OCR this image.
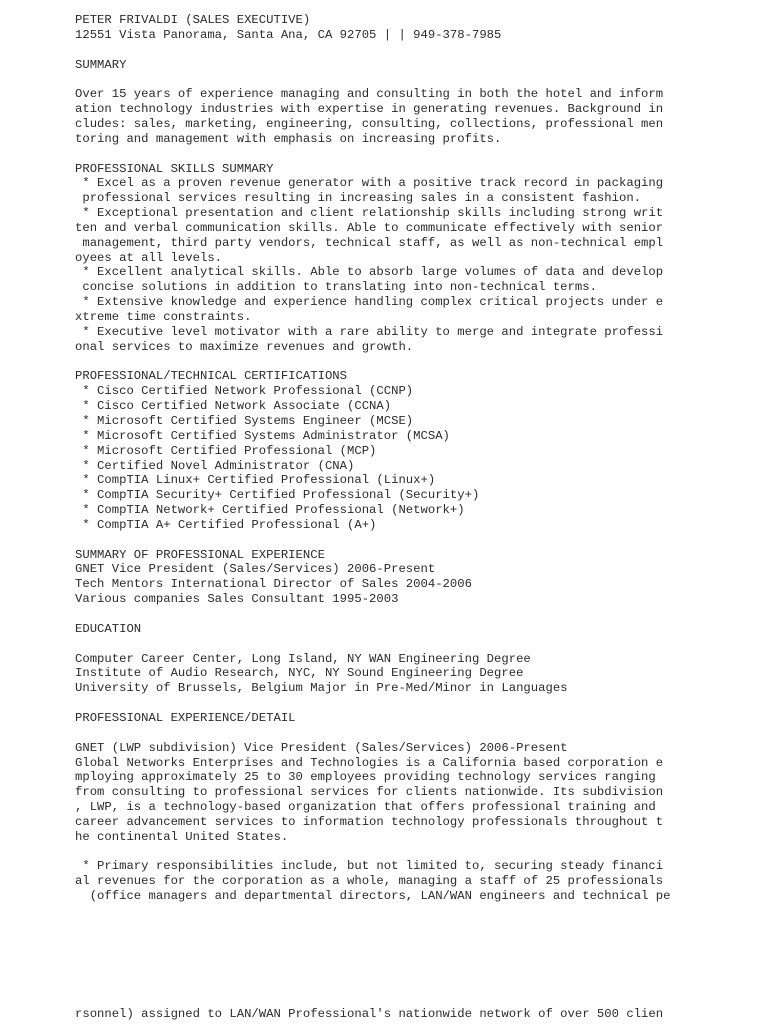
PETER FRIVALDI (SALES EXECUTIVE)
12551 Vista Panorama, Santa Ana, CA 92705 | | 949-378-7985
SUMMARY
Over 15 years of experience managing and consulting in both the hotel and inform
ation technology industries with expertise in generating revenues. Background in
cludes: sales, marketing, engineering, consulting, collections, professional men
toring and management with emphasis on increasing profits.
PROFESSIONAL SKILLS SUMMARY
* Excel as a proven revenue generator with a positive track record in packaging
professional services resulting in increasing sales in a consistent fashion.
* Exceptional presentation and client relationship skills including strong writ
ten and verbal communication skills. Able to communicate effectively with senior
management, third party vendors, technical staff, as well as non-technical empl
oyees at all levels.
* Excellent analytical skills. Able to absorb large volumes of data and develop
concise solutions in addition to translating into non-technical terms.
* Extensive knowledge and experience handling complex critical projects under e
xtreme time constraints.
* Executive level motivator with a rare ability to merge and integrate professi
onal services to maximize revenues and growth.
PROFESSIONAL/TECHNICAL CERTIFICATIONS
* Cisco Certified Network Professional (CCNP)
* Cisco Certified Network Associate (CCNA)
* Microsoft Certified Systems Engineer (MCSE)
* Microsoft Certified Systems Administrator (MCSA)
* Microsoft Certified Professional (MCP)
* Certified Novel Administrator (CNA)
* CompTIA Linux+ Certified Professional (Linux+)
* CompTIA Security+ Certified Professional (Security+)
* CompTIA Network+ Certified Professional (Network+)
* CompTIA A+ Certified Professional (A+)
SUMMARY OF PROFESSIONAL EXPERIENCE
GNET Vice President (Sales/Services) 2006-Present
Tech Mentors International Director of Sales 2004-2006
Various companies Sales Consultant 1995-2003
EDUCATION
Computer Career Center, Long Island, NY WAN Engineering Degree
Institute of Audio Research, NYC, NY Sound Engineering Degree
University of Brussels, Belgium Major in Pre-Med/Minor in Languages
PROFESSIONAL EXPERIENCE/DETAIL
GNET (LWP subdivision) Vice President (Sales/Services) 2006-Present
Global Networks Enterprises and Technologies is a California based corporation e
mploying approximately 25 to 30 employees providing technology services ranging
from consulting to professional services for clients nationwide. Its subdivision
, LWP, is a technology-based organization that offers professional training and
career advancement services to information technology professionals throughout t
he continental United States.
* Primary responsibilities include, but not limited to, securing steady financi
al revenues for the corporation as a whole, managing a staff of 25 professionals
(office managers and departmental directors, LAN/WAN engineers and technical pe
rsonnel) assigned to LAN/WAN Professional's nationwide network of over 500 clien
